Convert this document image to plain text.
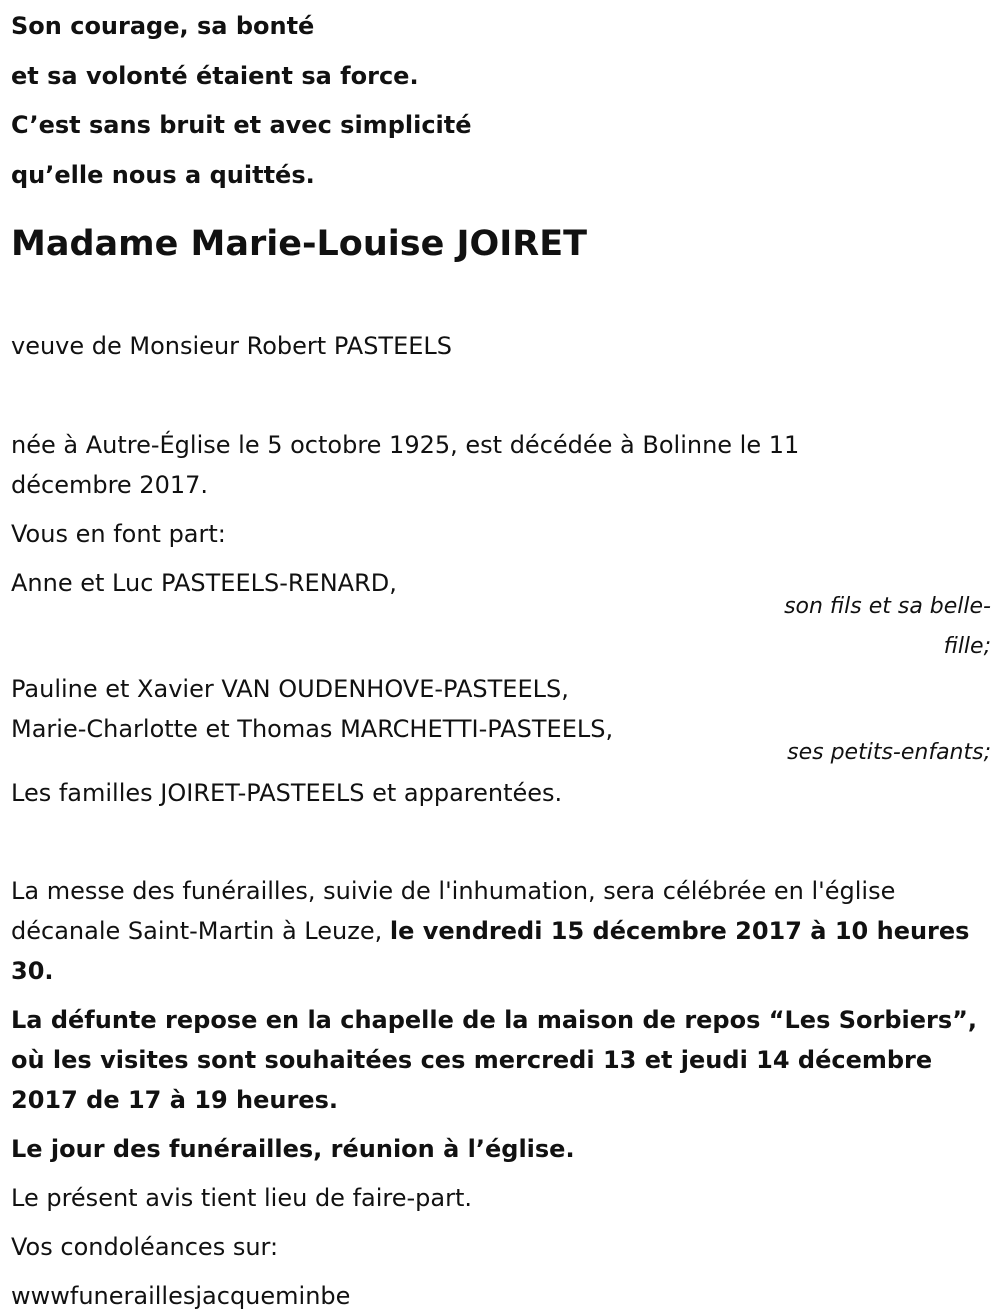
Son courage, sa bonté
et sa volonté étaient sa force.
C’est sans bruit et avec simplicité
qu’elle nous a quittés.
Madame Marie-Louise JOIRET
veuve de Monsieur Robert PASTEELS
née à Autre-Église le 5 octobre 1925, est décédée à Bolinne le 11 décembre 2017.
Vous en font part:
Anne et Luc PASTEELS-RENARD,
son fils et sa belle-fille;
Pauline et Xavier VAN OUDENHOVE-PASTEELS,
Marie-Charlotte et Thomas MARCHETTI-PASTEELS,
ses petits-enfants;
Les familles JOIRET-PASTEELS et apparentées.
La messe des funérailles, suivie de l'inhumation, sera célébrée en l'église décanale Saint-Martin à Leuze, le vendredi 15 décembre 2017 à 10 heures 30.
La défunte repose en la chapelle de la maison de repos “Les Sorbiers”, où les visites sont souhaitées ces mercredi 13 et jeudi 14 décembre 2017 de 17 à 19 heures.
Le jour des funérailles, réunion à l’église.
Le présent avis tient lieu de faire-part.
Vos condoléances sur:
wwwfuneraillesjacqueminbe
